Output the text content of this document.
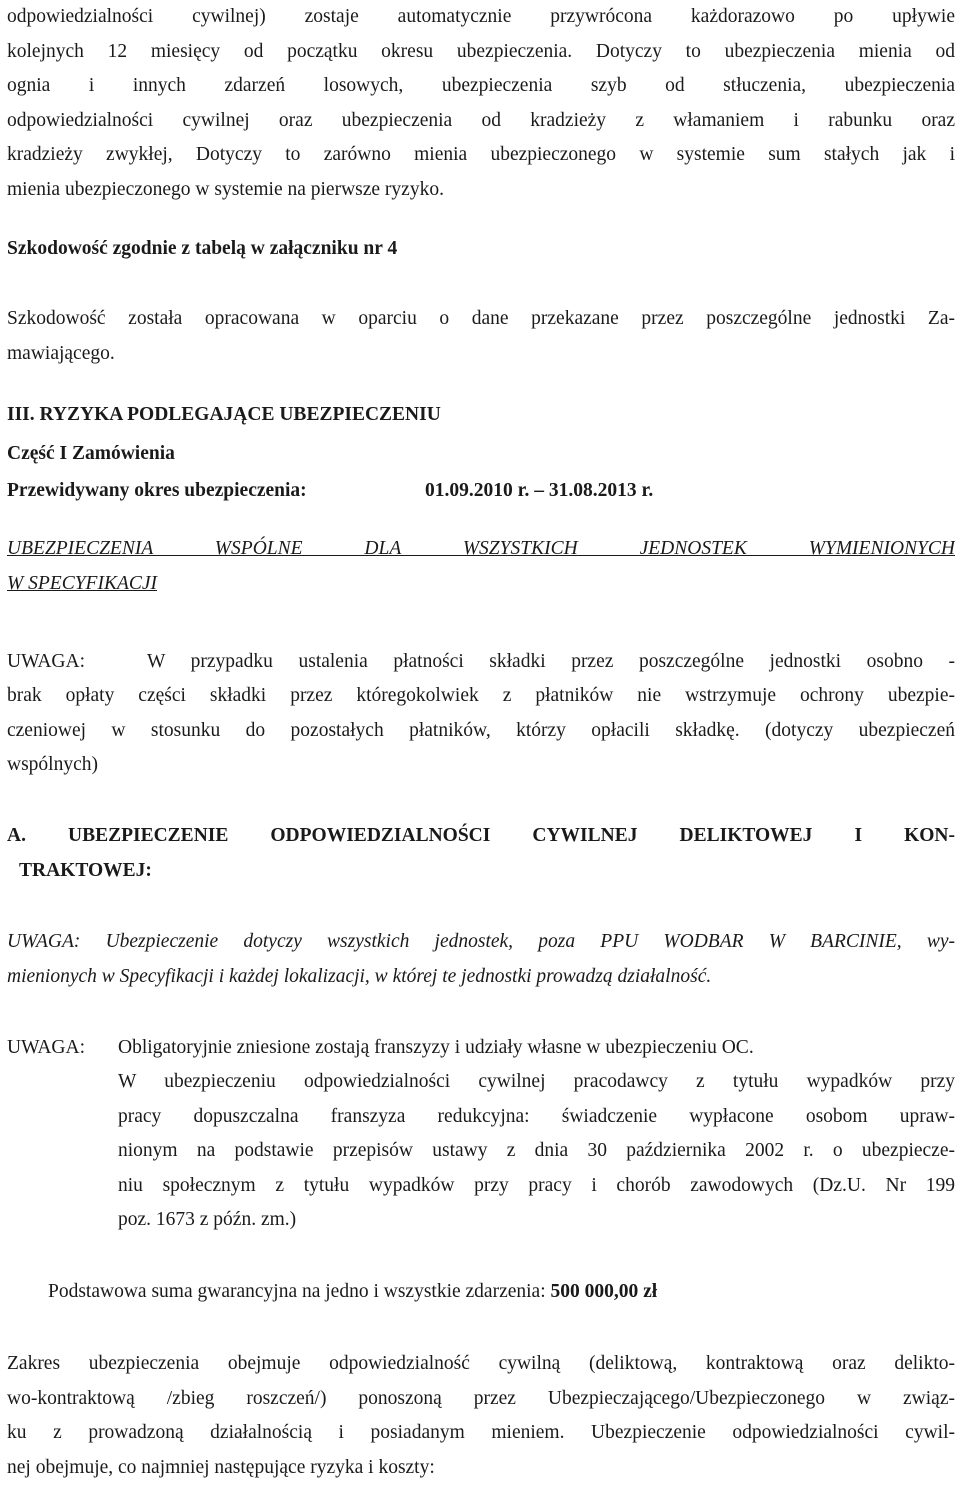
odpowiedzialności cywilnej) zostaje automatycznie przywrócona każdorazowo po upływie
kolejnych 12 miesięcy od początku okresu ubezpieczenia. Dotyczy to ubezpieczenia mienia od
ognia i innych zdarzeń losowych, ubezpieczenia szyb od stłuczenia, ubezpieczenia
odpowiedzialności cywilnej oraz ubezpieczenia od kradzieży z włamaniem i rabunku oraz
kradzieży zwykłej, Dotyczy to zarówno mienia ubezpieczonego w systemie sum stałych jak i
mienia ubezpieczonego w systemie na pierwsze ryzyko.
Szkodowość zgodnie z tabelą w załączniku nr 4
Szkodowość została opracowana w oparciu o dane przekazane przez poszczególne jednostki Za-
mawiającego.
III. RYZYKA PODLEGAJĄCE UBEZPIECZENIU
Część I Zamówienia
Przewidywany okres ubezpieczenia:	01.09.2010 r. – 31.08.2013 r.
UBEZPIECZENIA WSPÓLNE DLA WSZYSTKICH JEDNOSTEK WYMIENIONYCH
W SPECYFIKACJI
UWAGA:	W przypadku ustalenia płatności składki przez poszczególne jednostki osobno -
brak opłaty części składki przez któregokolwiek z płatników nie wstrzymuje ochrony ubezpie-
czeniowej w stosunku do pozostałych płatników, którzy opłacili składkę. (dotyczy ubezpieczeń
wspólnych)
A. UBEZPIECZENIE ODPOWIEDZIALNOŚCI CYWILNEJ DELIKTOWEJ I KON-
TRAKTOWEJ:
UWAGA: Ubezpieczenie dotyczy wszystkich jednostek, poza PPU WODBAR W BARCINIE, wy-
mienionych w Specyfikacji i każdej lokalizacji, w której te jednostki prowadzą działalność.
UWAGA: Obligatoryjnie zniesione zostają franszyzy i udziały własne w ubezpieczeniu OC.
W ubezpieczeniu odpowiedzialności cywilnej pracodawcy z tytułu wypadków przy
pracy dopuszczalna franszyza redukcyjna: świadczenie wypłacone osobom upraw-
nionym na podstawie przepisów ustawy z dnia 30 października 2002 r. o ubezpiecze-
niu społecznym z tytułu wypadków przy pracy i chorób zawodowych (Dz.U. Nr 199
poz. 1673 z późn. zm.)
Podstawowa suma gwarancyjna na jedno i wszystkie zdarzenia: 500 000,00 zł
Zakres ubezpieczenia obejmuje odpowiedzialność cywilną (deliktową, kontraktową oraz delikto-
wo-kontraktową /zbieg roszczeń/) ponoszoną przez Ubezpieczającego/Ubezpieczonego w związ-
ku z prowadzoną działalnością i posiadanym mieniem. Ubezpieczenie odpowiedzialności cywil-
nej obejmuje, co najmniej następujące ryzyka i koszty:
